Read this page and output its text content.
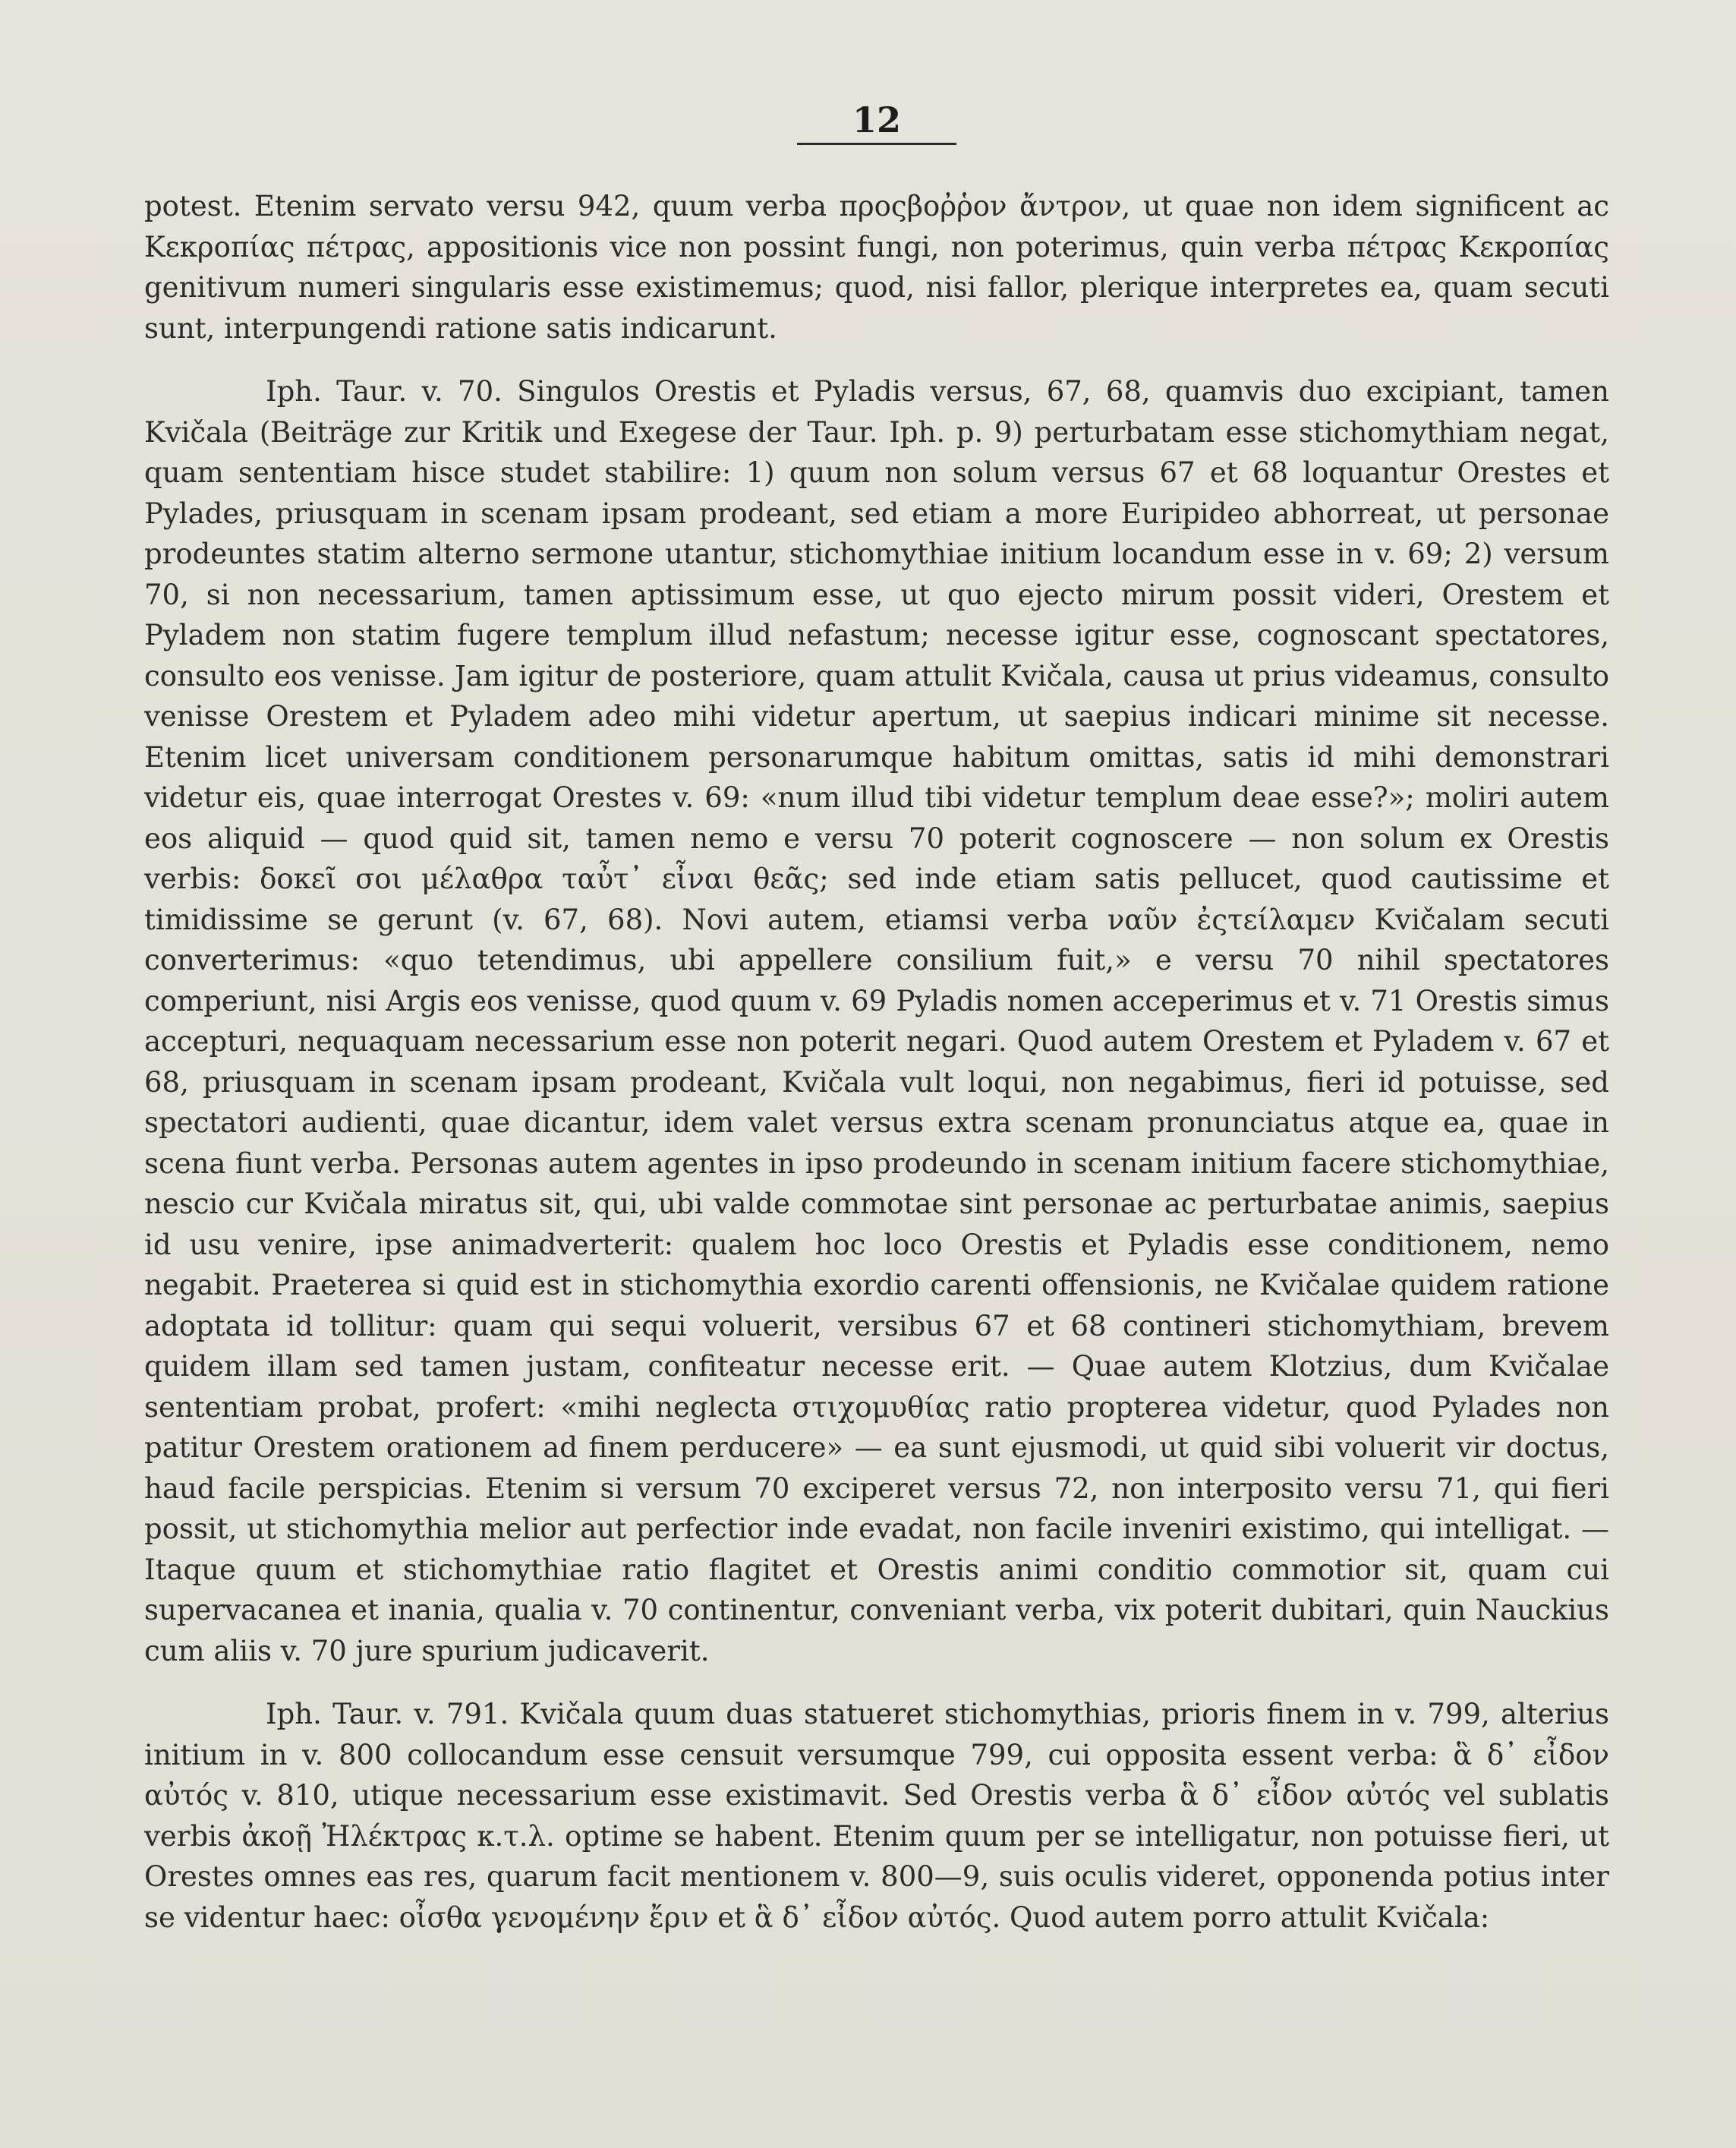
12

potest. Etenim servato versu 942, quum verba προςβοῤῥον ἄντρον, ut quae non idem significent ac Κεκροπίας πέτρας, appositionis vice non possint fungi, non poterimus, quin verba πέτρας Κεκροπίας genitivum numeri singularis esse existimemus; quod, nisi fallor, plerique interpretes ea, quam secuti sunt, interpungendi ratione satis indicarunt.

Iph. Taur. v. 70. Singulos Orestis et Pyladis versus, 67, 68, quamvis duo excipiant, tamen Kvičala (Beiträge zur Kritik und Exegese der Taur. Iph. p. 9) perturbatam esse stichomythiam negat, quam sententiam hisce studet stabilire: 1) quum non solum versus 67 et 68 loquantur Orestes et Pylades, priusquam in scenam ipsam prodeant, sed etiam a more Euripideo abhorreat, ut personae prodeuntes statim alterno sermone utantur, stichomythiae initium locandum esse in v. 69; 2) versum 70, si non necessarium, tamen aptissimum esse, ut quo ejecto mirum possit videri, Orestem et Pyladem non statim fugere templum illud nefastum; necesse igitur esse, cognoscant spectatores, consulto eos venisse. Jam igitur de posteriore, quam attulit Kvičala, causa ut prius videamus, consulto venisse Orestem et Pyladem adeo mihi videtur apertum, ut saepius indicari minime sit necesse. Etenim licet universam conditionem personarumque habitum omittas, satis id mihi demonstrari videtur eis, quae interrogat Orestes v. 69: «num illud tibi videtur templum deae esse?»; moliri autem eos aliquid — quod quid sit, tamen nemo e versu 70 poterit cognoscere — non solum ex Orestis verbis: δοκεῖ σοι μέλαθρα ταὖτ᾽ εἶναι θεᾶς; sed inde etiam satis pellucet, quod cautissime et timidissime se gerunt (v. 67, 68). Novi autem, etiamsi verba ναῦν ἐςτείλαμεν Kvičalam secuti converterimus: «quo tetendimus, ubi appellere consilium fuit,» e versu 70 nihil spectatores comperiunt, nisi Argis eos venisse, quod quum v. 69 Pyladis nomen acceperimus et v. 71 Orestis simus accepturi, nequaquam necessarium esse non poterit negari. Quod autem Orestem et Pyladem v. 67 et 68, priusquam in scenam ipsam prodeant, Kvičala vult loqui, non negabimus, fieri id potuisse, sed spectatori audienti, quae dicantur, idem valet versus extra scenam pronunciatus atque ea, quae in scena fiunt verba. Personas autem agentes in ipso prodeundo in scenam initium facere stichomythiae, nescio cur Kvičala miratus sit, qui, ubi valde commotae sint personae ac perturbatae animis, saepius id usu venire, ipse animadverterit: qualem hoc loco Orestis et Pyladis esse conditionem, nemo negabit. Praeterea si quid est in stichomythia exordio carenti offensionis, ne Kvičalae quidem ratione adoptata id tollitur: quam qui sequi voluerit, versibus 67 et 68 contineri stichomythiam, brevem quidem illam sed tamen justam, confiteatur necesse erit. — Quae autem Klotzius, dum Kvičalae sententiam probat, profert: «mihi neglecta στιχομυθίας ratio propterea videtur, quod Pylades non patitur Orestem orationem ad finem perducere» — ea sunt ejusmodi, ut quid sibi voluerit vir doctus, haud facile perspicias. Etenim si versum 70 exciperet versus 72, non interposito versu 71, qui fieri possit, ut stichomythia melior aut perfectior inde evadat, non facile inveniri existimo, qui intelligat. — Itaque quum et stichomythiae ratio flagitet et Orestis animi conditio commotior sit, quam cui supervacanea et inania, qualia v. 70 continentur, conveniant verba, vix poterit dubitari, quin Nauckius cum aliis v. 70 jure spurium judicaverit.

Iph. Taur. v. 791. Kvičala quum duas statueret stichomythias, prioris finem in v. 799, alterius initium in v. 800 collocandum esse censuit versumque 799, cui opposita essent verba: ἃ δ᾽ εἶδον αὐτός v. 810, utique necessarium esse existimavit. Sed Orestis verba ἃ δ᾽ εἶδον αὐτός vel sublatis verbis ἀκοῇ Ἠλέκτρας κ.τ.λ. optime se habent. Etenim quum per se intelligatur, non potuisse fieri, ut Orestes omnes eas res, quarum facit mentionem v. 800—9, suis oculis videret, opponenda potius inter se videntur haec: οἶσθα γενομένην ἔριν et ἃ δ᾽ εἶδον αὐτός. Quod autem porro attulit Kvičala:
